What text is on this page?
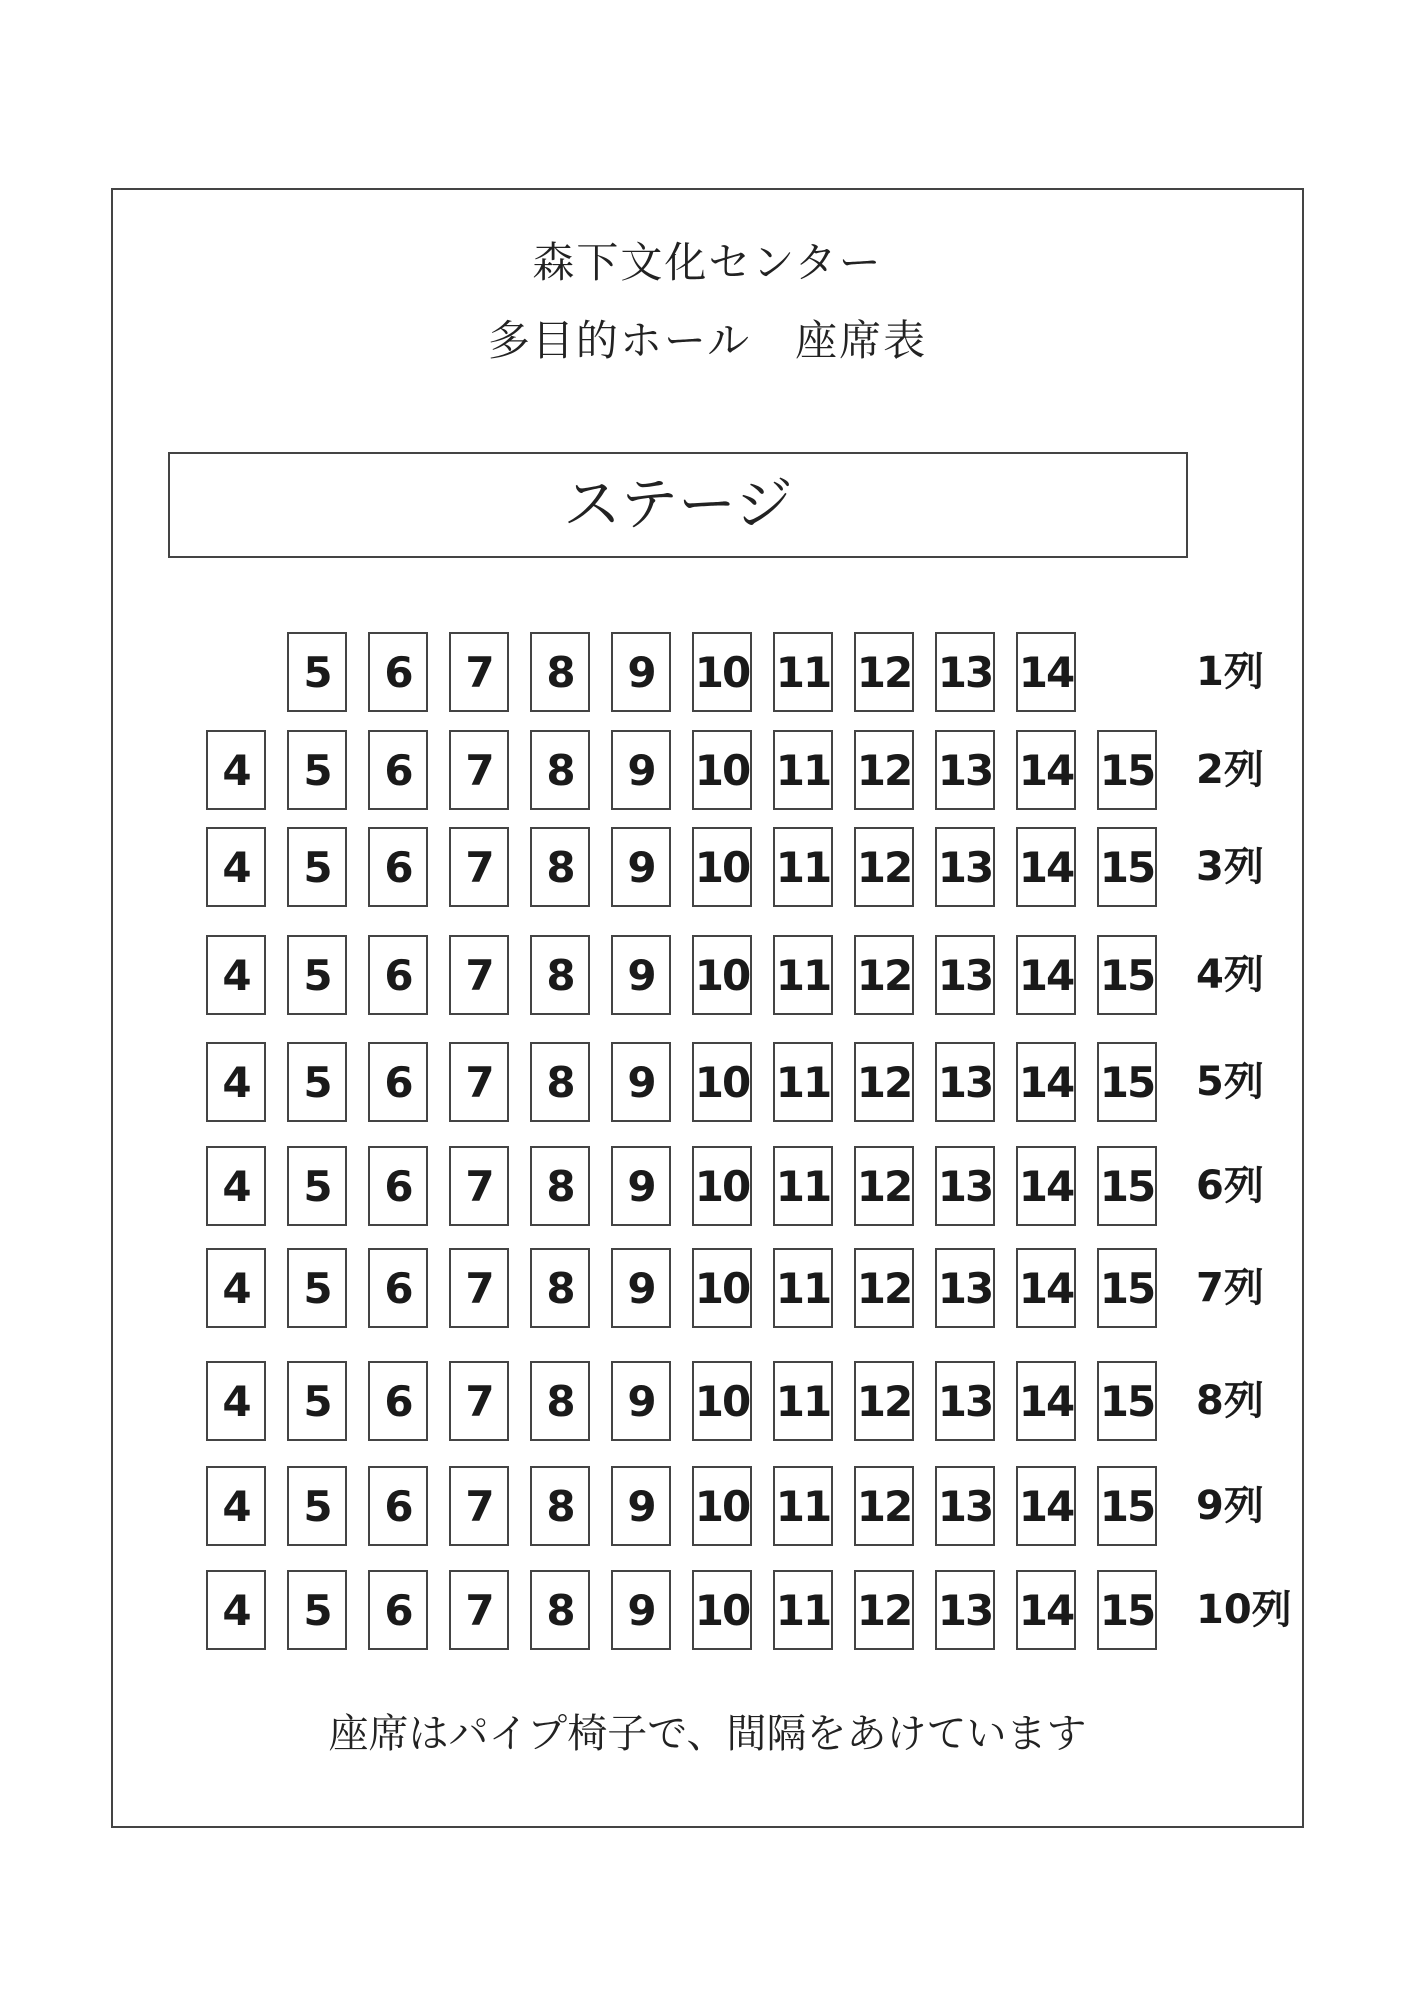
森下文化センター
多目的ホール　座席表
ステージ
5	6	7	8	9 10 11 12 13 14	1列
4	5	6	7	8	9 10 11 12 13 14 15 2列
4	5	6	7	8	9 10 11 12 13 14 15 3列
4	5	6	7	8	9 10 11 12 13 14 15 4列
4	5	6	7	8	9 10 11 12 13 14 15 5列
4	5	6	7	8	9 10 11 12 13 14 15 6列
4	5	6	7	8	9 10 11 12 13 14 15 7列
4	5	6	7	8	9 10 11 12 13 14 15 8列
4	5	6	7	8	9 10 11 12 13 14 15 9列
4	5	6	7	8	9 10 11 12 13 14 15 10列
座席はパイプ椅子で、間隔をあけています
